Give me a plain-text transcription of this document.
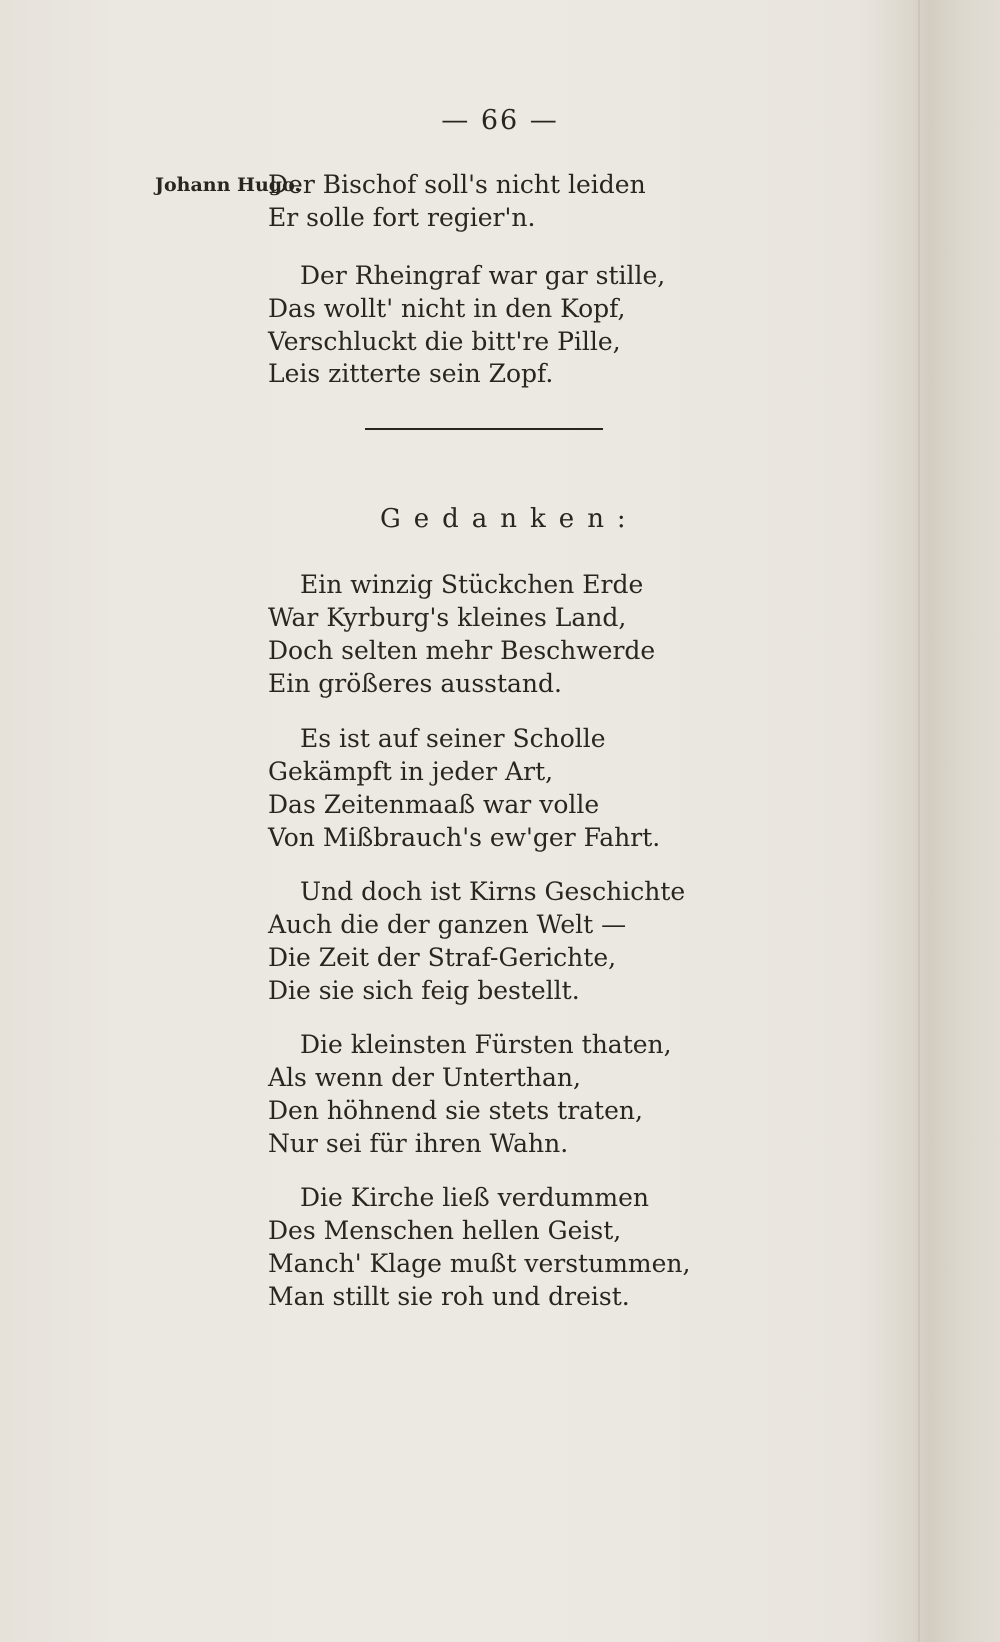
— 66 —
Johann Hugo.
Der Bischof soll's nicht leiden
Er solle fort regier'n.
Der Rheingraf war gar stille,
Das wollt' nicht in den Kopf,
Verschluckt die bitt're Pille,
Leis zitterte sein Zopf.
Gedanken:
Ein winzig Stückchen Erde
War Kyrburg's kleines Land,
Doch selten mehr Beschwerde
Ein größeres ausstand.
Es ist auf seiner Scholle
Gekämpft in jeder Art,
Das Zeitenmaaß war volle
Von Mißbrauch's ew'ger Fahrt.
Und doch ist Kirns Geschichte
Auch die der ganzen Welt —
Die Zeit der Straf-Gerichte,
Die sie sich feig bestellt.
Die kleinsten Fürsten thaten,
Als wenn der Unterthan,
Den höhnend sie stets traten,
Nur sei für ihren Wahn.
Die Kirche ließ verdummen
Des Menschen hellen Geist,
Manch' Klage mußt verstummen,
Man stillt sie roh und dreist.
